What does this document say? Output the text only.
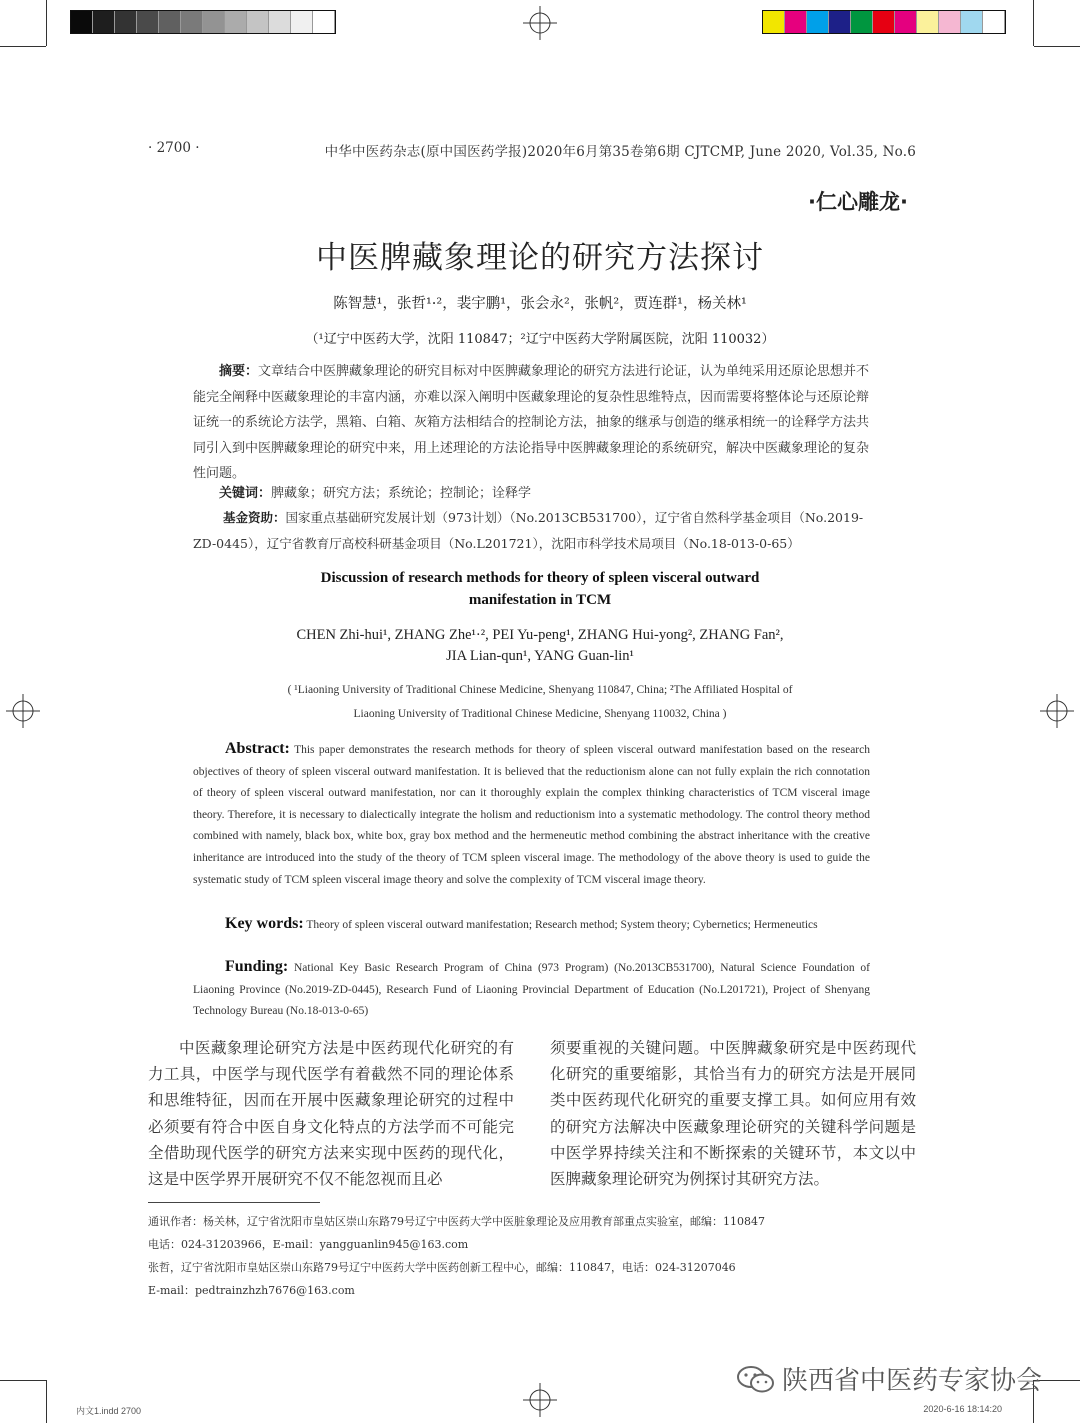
· 2700 ·	中华中医药杂志(原中国医药学报)2020年6月第35卷第6期 CJTCMP, June 2020, Vol.35, No.6
·仁心雕龙·
中医脾藏象理论的研究方法探讨
陈智慧¹，张哲¹·²，裴宇鹏¹，张会永²，张帆²，贾连群¹，杨关林¹
（¹辽宁中医药大学，沈阳 110847；²辽宁中医药大学附属医院，沈阳 110032）
摘要：文章结合中医脾藏象理论的研究目标对中医脾藏象理论的研究方法进行论证，认为单纯采用还原论思想并不能完全阐释中医藏象理论的丰富内涵，亦难以深入阐明中医藏象理论的复杂性思维特点，因而需要将整体论与还原论辩证统一的系统论方法学，黑箱、白箱、灰箱方法相结合的控制论方法，抽象的继承与创造的继承相统一的诠释学方法共同引入到中医脾藏象理论的研究中来，用上述理论的方法论指导中医脾藏象理论的系统研究，解决中医藏象理论的复杂性问题。
关键词：脾藏象；研究方法；系统论；控制论；诠释学
基金资助：国家重点基础研究发展计划（973计划）（No.2013CB531700），辽宁省自然科学基金项目（No.2019-ZD-0445），辽宁省教育厅高校科研基金项目（No.L201721），沈阳市科学技术局项目（No.18-013-0-65）
Discussion of research methods for theory of spleen visceral outward
manifestation in TCM
CHEN Zhi-hui¹, ZHANG Zhe¹·², PEI Yu-peng¹, ZHANG Hui-yong², ZHANG Fan²,
JIA Lian-qun¹, YANG Guan-lin¹
( ¹Liaoning University of Traditional Chinese Medicine, Shenyang 110847, China; ²The Affiliated Hospital of
Liaoning University of Traditional Chinese Medicine, Shenyang 110032, China )
Abstract: This paper demonstrates the research methods for theory of spleen visceral outward manifestation based on the research objectives of theory of spleen visceral outward manifestation. It is believed that the reductionism alone can not fully explain the rich connotation of theory of spleen visceral outward manifestation, nor can it thoroughly explain the complex thinking characteristics of TCM visceral image theory. Therefore, it is necessary to dialectically integrate the holism and reductionism into a systematic methodology. The control theory method combined with namely, black box, white box, gray box method and the hermeneutic method combining the abstract inheritance with the creative inheritance are introduced into the study of the theory of TCM spleen visceral image. The methodology of the above theory is used to guide the systematic study of TCM spleen visceral image theory and solve the complexity of TCM visceral image theory.
Key words: Theory of spleen visceral outward manifestation; Research method; System theory; Cybernetics; Hermeneutics
Funding: National Key Basic Research Program of China (973 Program) (No.2013CB531700), Natural Science Foundation of Liaoning Province (No.2019-ZD-0445), Research Fund of Liaoning Provincial Department of Education (No.L201721), Project of Shenyang Technology Bureau (No.18-013-0-65)
中医藏象理论研究方法是中医药现代化研究的有力工具，中医学与现代医学有着截然不同的理论体系和思维特征，因而在开展中医藏象理论研究的过程中必须要有符合中医自身文化特点的方法学而不可能完全借助现代医学的研究方法来实现中医药的现代化，这是中医学界开展研究不仅不能忽视而且必
须要重视的关键问题。中医脾藏象研究是中医药现代化研究的重要缩影，其恰当有力的研究方法是开展同类中医药现代化研究的重要支撑工具。如何应用有效的研究方法解决中医藏象理论研究的关键科学问题是中医学界持续关注和不断探索的关键环节，本文以中医脾藏象理论研究为例探讨其研究方法。
通讯作者：杨关林，辽宁省沈阳市皇姑区崇山东路79号辽宁中医药大学中医脏象理论及应用教育部重点实验室，邮编：110847
电话：024-31203966，E-mail：yangguanlin945@163.com
张哲，辽宁省沈阳市皇姑区崇山东路79号辽宁中医药大学中医药创新工程中心，邮编：110847，电话：024-31207046
E-mail：pedtrainzhzh7676@163.com
陕西省中医药专家协会
内文1.indd 2700	2020-6-16 18:14:20
